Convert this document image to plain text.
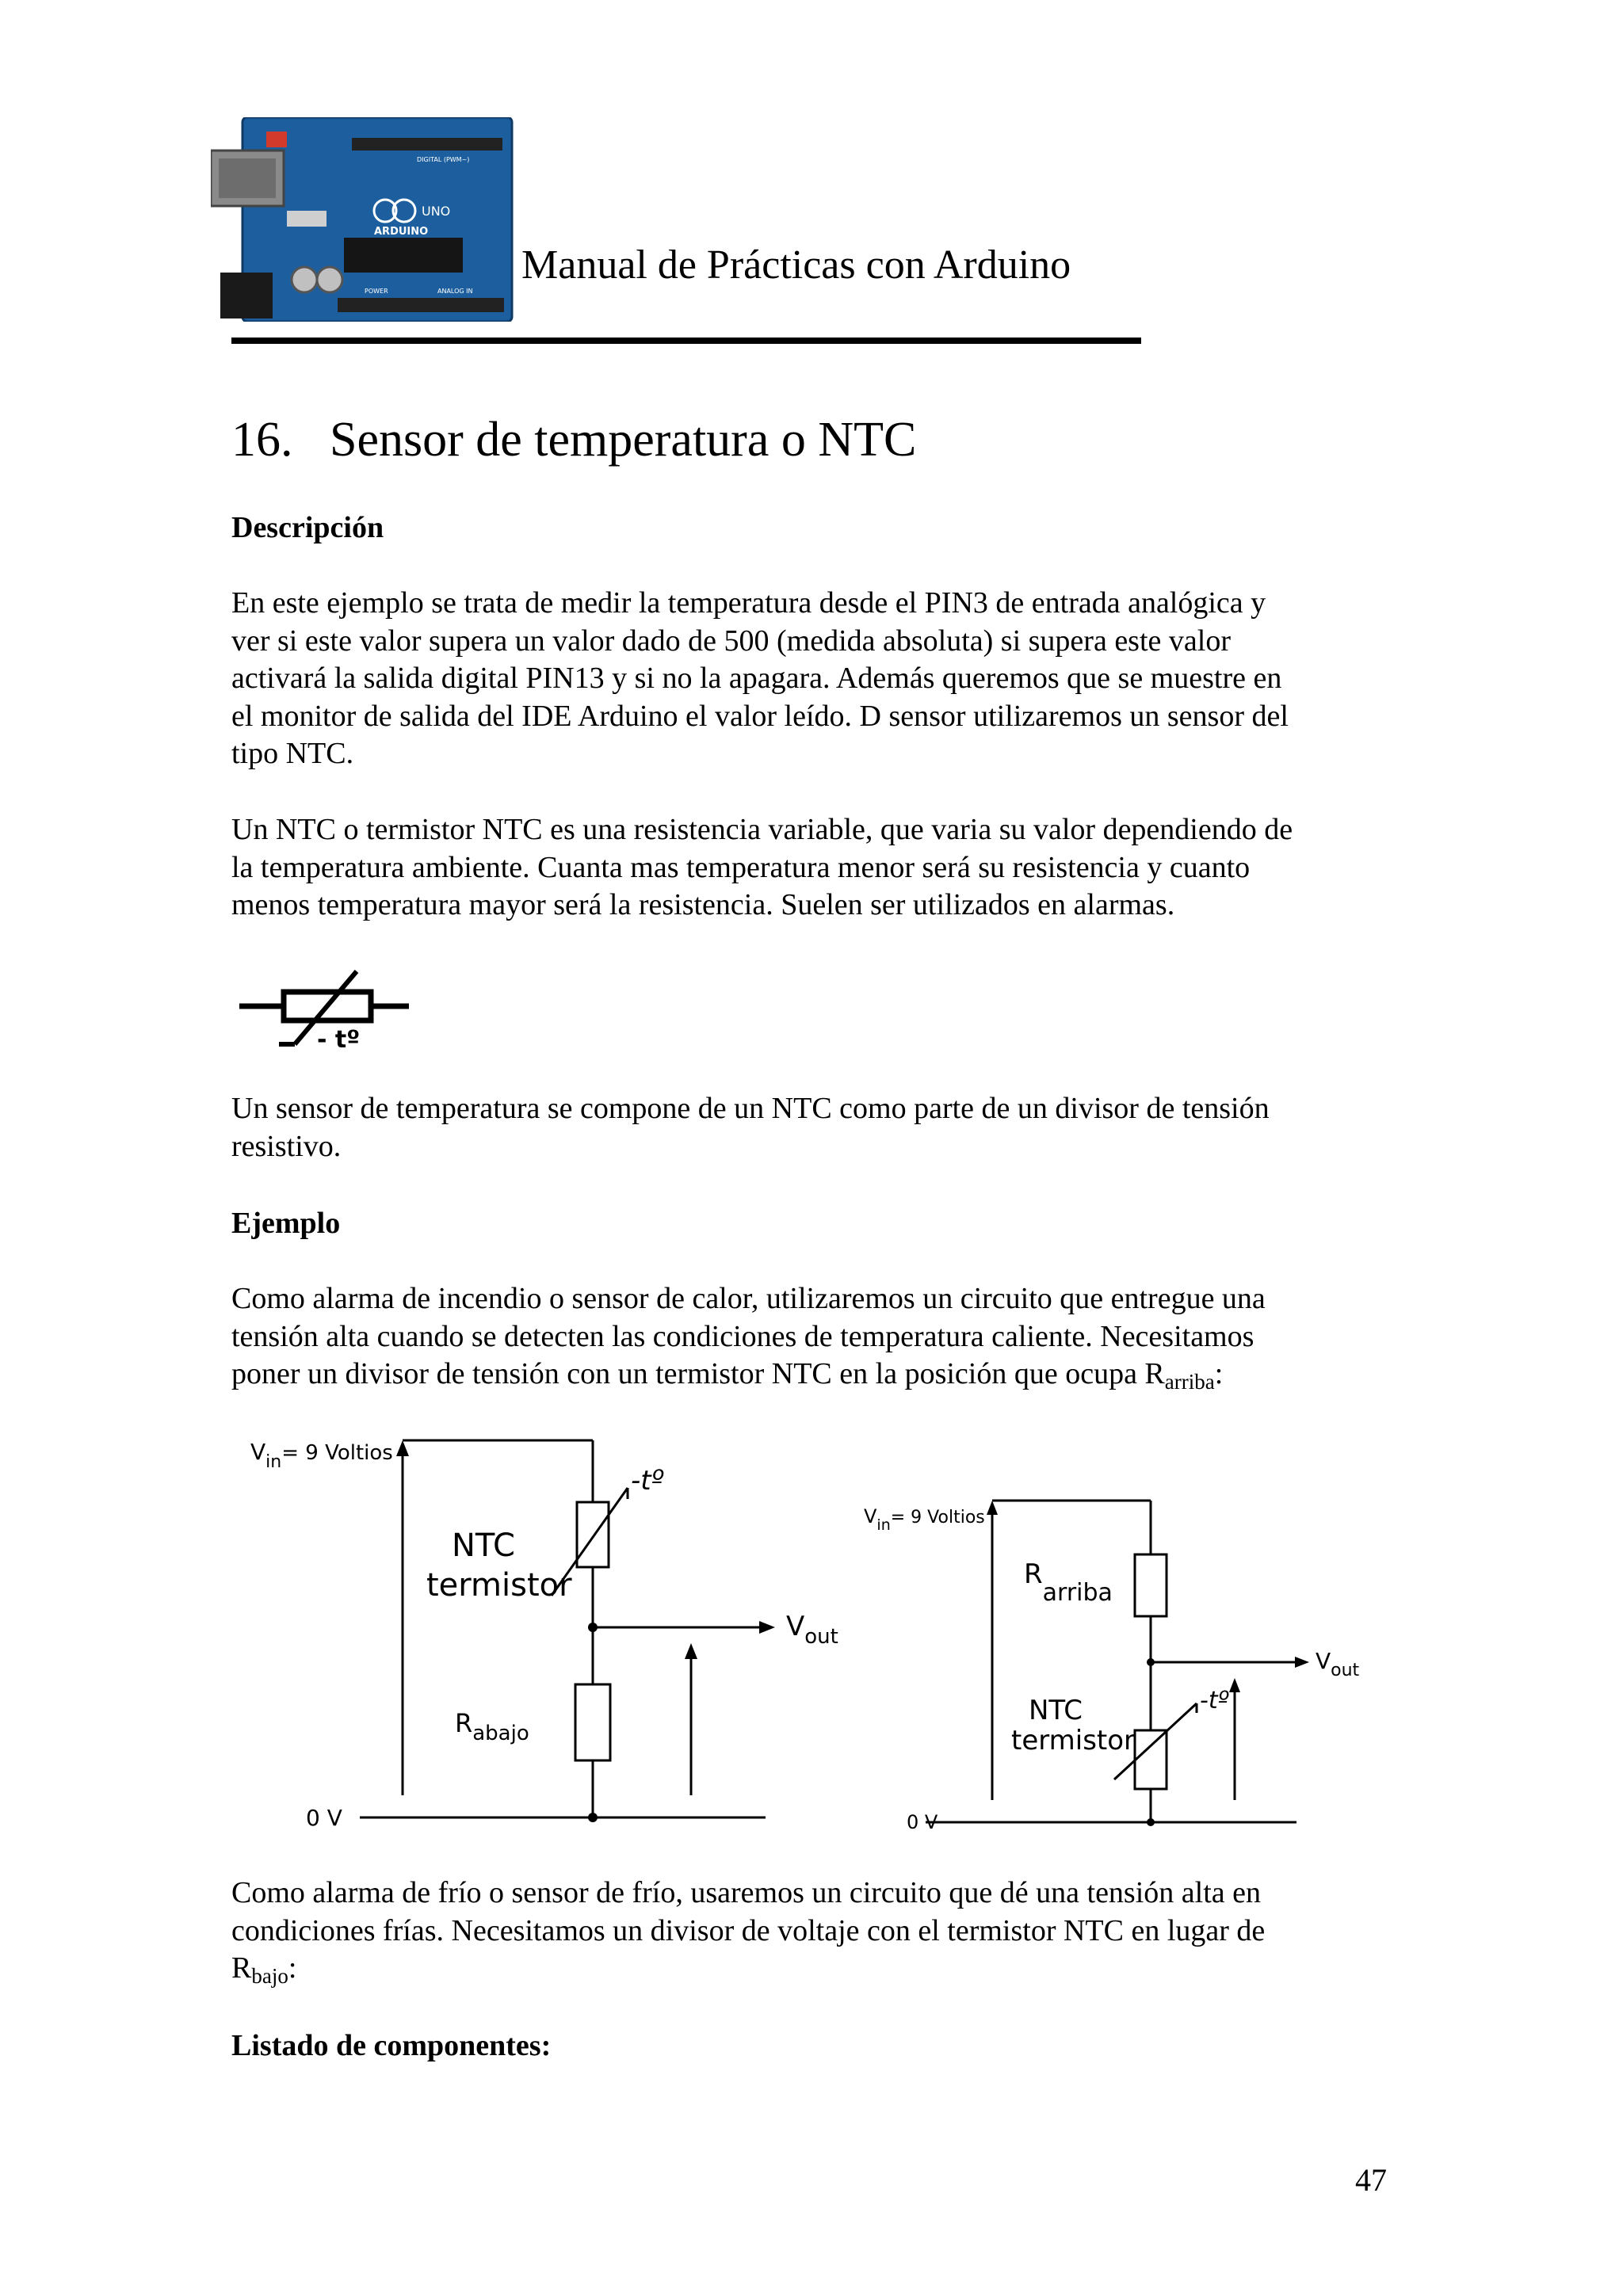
ARDUINO
UNO
DIGITAL (PWM~)
POWER	ANALOG IN
Manual de Prácticas con Arduino
16. Sensor de temperatura o NTC
Descripción
En este ejemplo se trata de medir la temperatura desde el PIN3 de entrada analógica y
ver si este valor supera un valor dado de 500 (medida absoluta) si supera este valor
activará la salida digital PIN13 y si no la apagara. Además queremos que se muestre en
el monitor de salida del IDE Arduino el valor leído. D sensor utilizaremos un sensor del
tipo NTC.
Un NTC o termistor NTC es una resistencia variable, que varia su valor dependiendo de
la temperatura ambiente. Cuanta mas temperatura menor será su resistencia y cuanto
menos temperatura mayor será la resistencia. Suelen ser utilizados en alarmas.
- tº
Un sensor de temperatura se compone de un NTC como parte de un divisor de tensión
resistivo.
Ejemplo
Como alarma de incendio o sensor de calor, utilizaremos un circuito que entregue una
tensión alta cuando se detecten las condiciones de temperatura caliente. Necesitamos
poner un divisor de tensión con un termistor NTC en la posición que ocupa $R_{arriba}$:
$V_{in}= 9$ Voltios
NTC
termistor
-tº
$V_{out}$
$R_{abajo}$
0 V
$V_{in}= 9$ Voltios
Rarriba
$V_{out}$
NTC
termistor
-tº
0 V
Como alarma de frío o sensor de frío, usaremos un circuito que dé una tensión alta en
condiciones frías. Necesitamos un divisor de voltaje con el termistor NTC en lugar de
$R_{bajo}$:
Listado de componentes:
47
